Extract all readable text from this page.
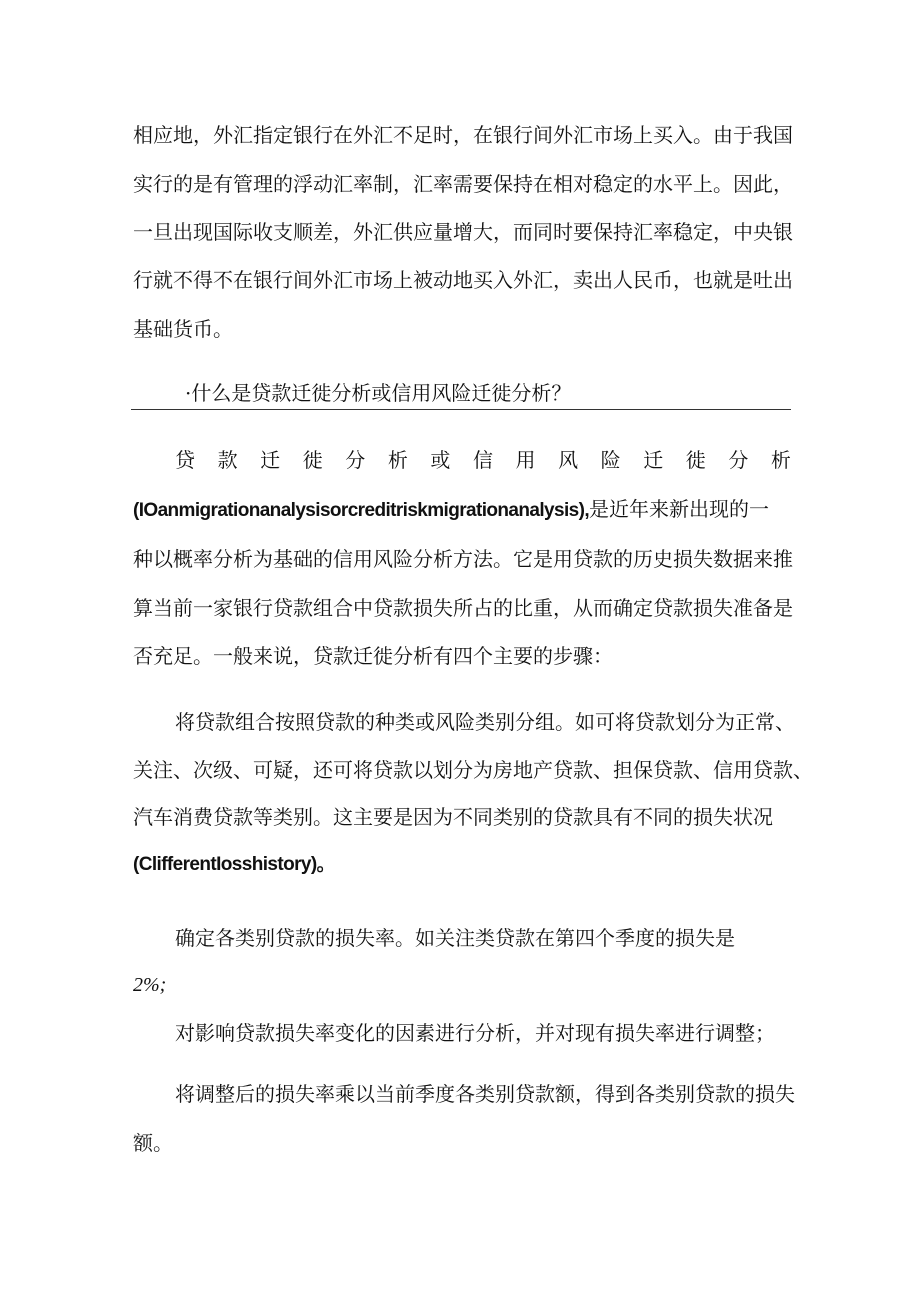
相应地，外汇指定银行在外汇不足时，在银行间外汇市场上买入。由于我国
实行的是有管理的浮动汇率制，汇率需要保持在相对稳定的水平上。因此，
一旦出现国际收支顺差，外汇供应量增大，而同时要保持汇率稳定，中央银
行就不得不在银行间外汇市场上被动地买入外汇，卖出人民币，也就是吐出
基础货币。
·什么是贷款迁徙分析或信用风险迁徙分析？
贷 款 迁 徙 分 析 或 信 用 风 险 迁 徙 分 析
(IOanmigrationanalysisorcreditriskmigrationanalysis),是近年来新出现的一
种以概率分析为基础的信用风险分析方法。它是用贷款的历史损失数据来推
算当前一家银行贷款组合中贷款损失所占的比重，从而确定贷款损失准备是
否充足。一般来说，贷款迁徙分析有四个主要的步骤：
将贷款组合按照贷款的种类或风险类别分组。如可将贷款划分为正常、
关注、次级、可疑，还可将贷款以划分为房地产贷款、担保贷款、信用贷款、
汽车消费贷款等类别。这主要是因为不同类别的贷款具有不同的损失状况
(ClifferentIosshistory)。
确定各类别贷款的损失率。如关注类贷款在第四个季度的损失是
2%;
对影响贷款损失率变化的因素进行分析，并对现有损失率进行调整；
将调整后的损失率乘以当前季度各类别贷款额，得到各类别贷款的损失
额。
